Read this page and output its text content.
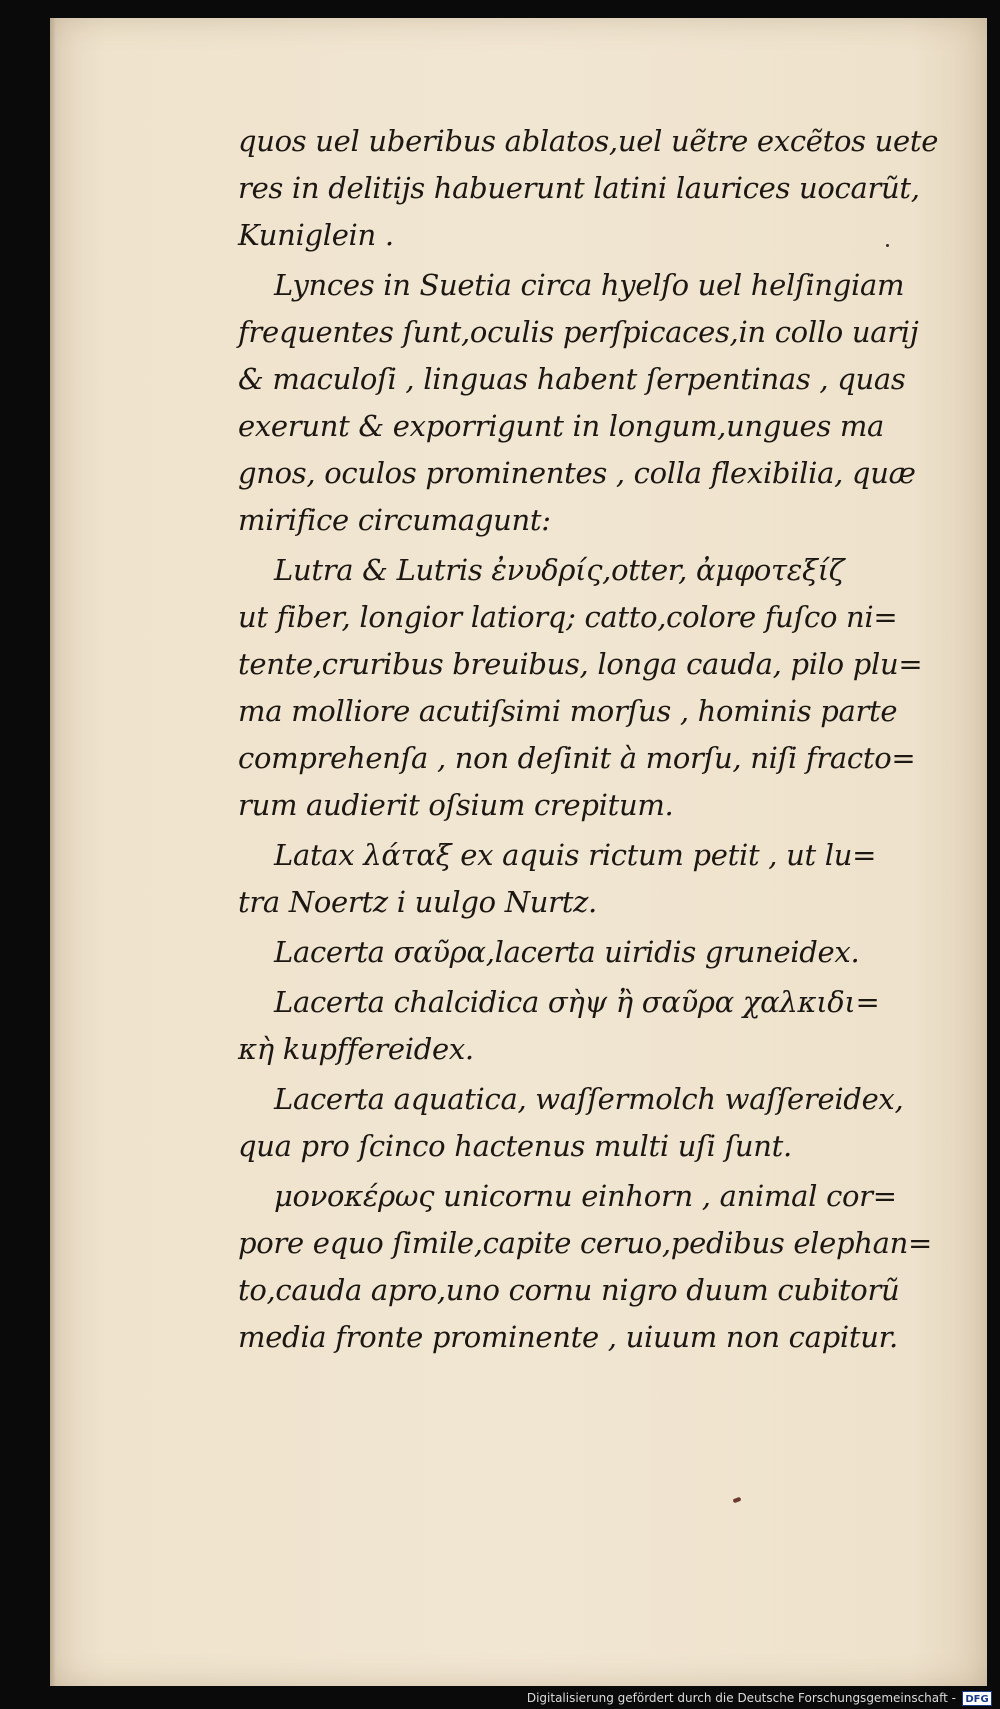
quos uel uberibus ablatos,uel uẽtre excẽtos uete
res in delitijs habuerunt latini laurices uocarũt,
Kuniglein .
Lynces in Suetia circa hyelſo uel helſingiam
frequentes ſunt,oculis perſpicaces,in collo uarij
& maculoſi , linguas habent ſerpentinas , quas
exerunt & exporrigunt in longum,ungues ma
gnos, oculos prominentes , colla flexibilia, quæ
mirifice circumagunt:
Lutra & Lutris ἐνυδρίς,otter, ἀμφοτεξίζ
ut fiber, longior latiorq; catto,colore fuſco ni=
tente,cruribus breuibus, longa cauda, pilo plu=
ma molliore acutiſsimi morſus , hominis parte
comprehenſa , non deſinit à morſu, niſi fracto=
rum audierit oſsium crepitum.
Latax λάταξ ex aquis rictum petit , ut lu=
tra Noertz i uulgo Nurtz.
Lacerta σαῦρα,lacerta uiridis gruneidex.
Lacerta chalcidica σὴψ ἢ σαῦρα χαλκιδι=
κὴ kupffereidex.
Lacerta aquatica, waſſermolch waſſereidex,
qua pro ſcinco hactenus multi uſi ſunt.
μονοκέρως unicornu einhorn , animal cor=
pore equo ſimile,capite ceruo,pedibus elephan=
to,cauda apro,uno cornu nigro duum cubitorũ
media fronte prominente , uiuum non capitur.
Digitalisierung gefördert durch die Deutsche Forschungsgemeinschaft - DFG
